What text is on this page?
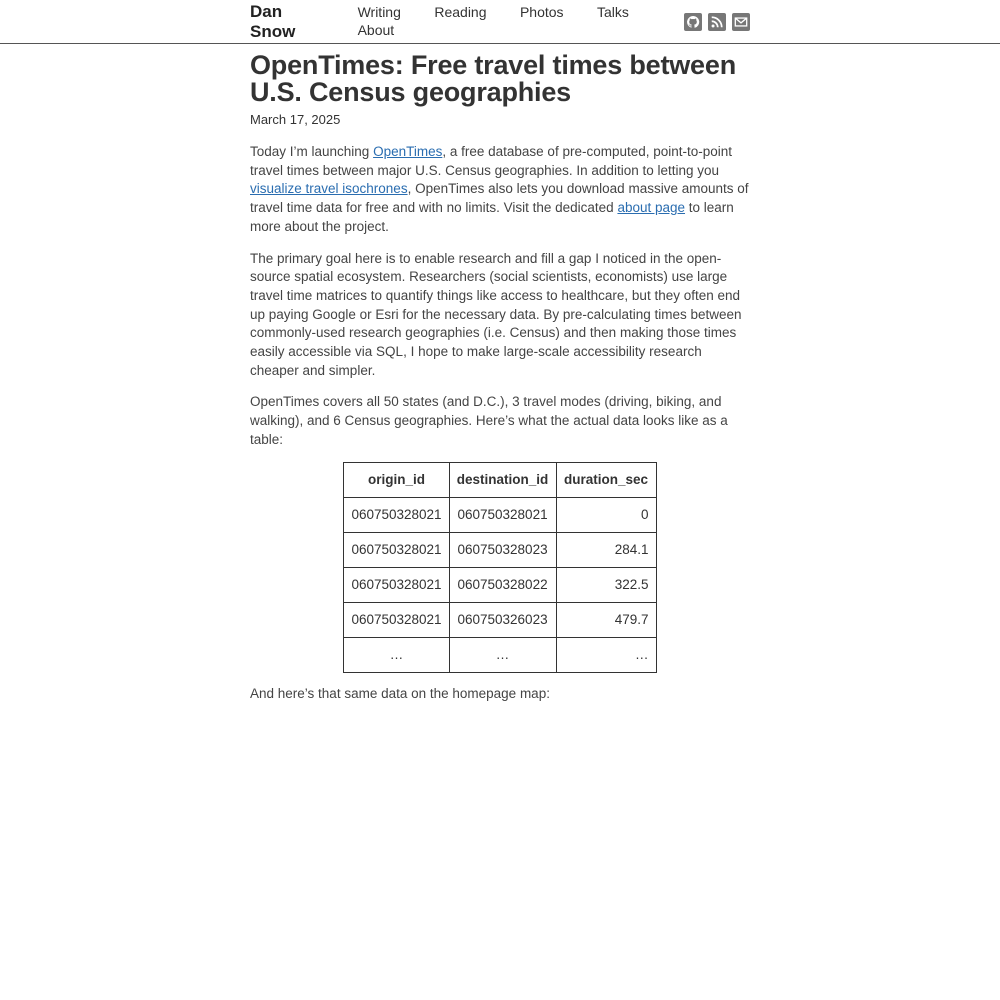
Dan Snow
Writing Reading Photos Talks About
OpenTimes: Free travel times between U.S. Census geographies
March 17, 2025

Today I’m launching OpenTimes, a free database of pre-computed, point-to-point travel times between major U.S. Census geographies. In addition to letting you visualize travel isochrones, OpenTimes also lets you download massive amounts of travel time data for free and with no limits. Visit the dedicated about page to learn more about the project.

The primary goal here is to enable research and fill a gap I noticed in the open-source spatial ecosystem. Researchers (social scientists, economists) use large travel time matrices to quantify things like access to healthcare, but they often end up paying Google or Esri for the necessary data. By pre-calculating times between commonly-used research geographies (i.e. Census) and then making those times easily accessible via SQL, I hope to make large-scale accessibility research cheaper and simpler.

OpenTimes covers all 50 states (and D.C.), 3 travel modes (driving, biking, and walking), and 6 Census geographies. Here’s what the actual data looks like as a table:

origin_id	destination_id	duration_sec
060750328021	060750328021	0
060750328021	060750328023	284.1
060750328021	060750328022	322.5
060750328021	060750326023	479.7
…	…	…

And here’s that same data on the homepage map:
